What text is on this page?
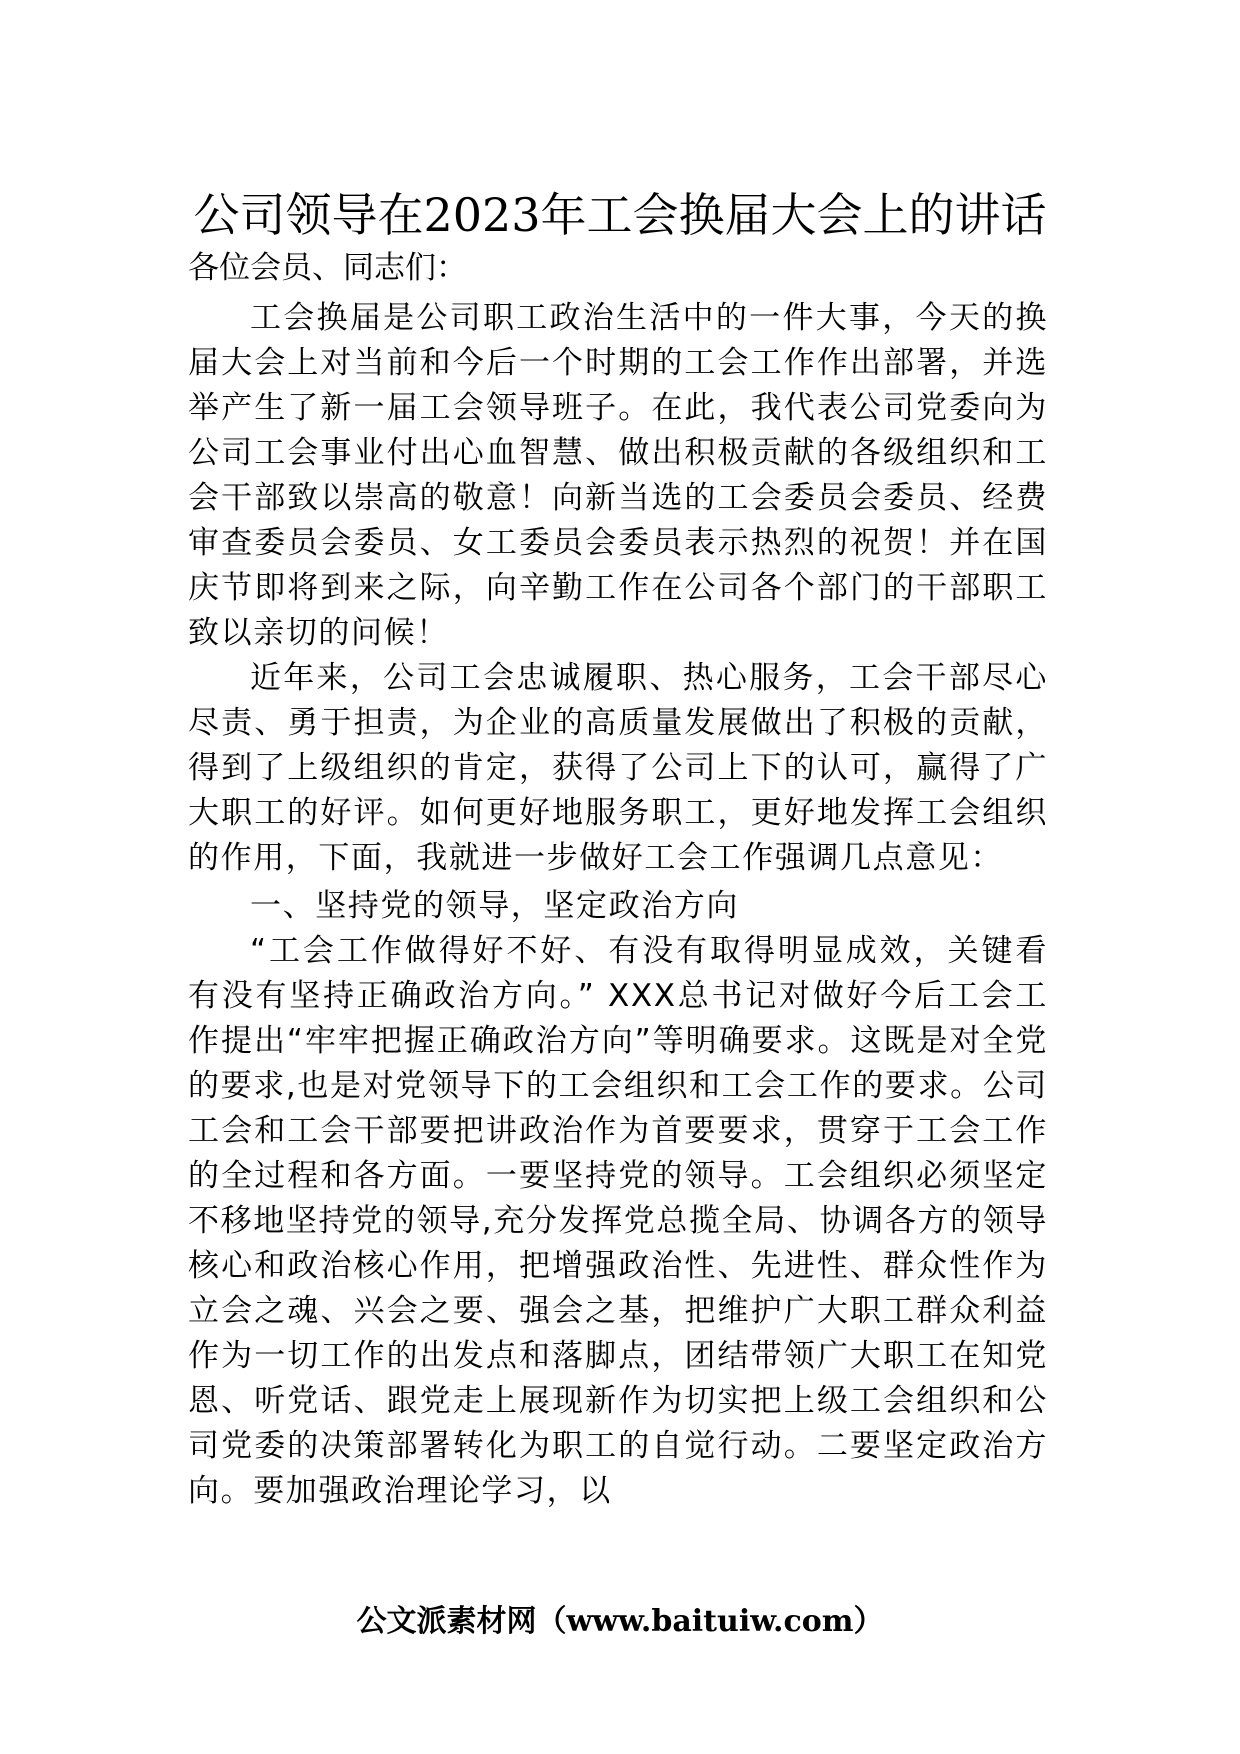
公司领导在2023年工会换届大会上的讲话

各位会员、同志们：

工会换届是公司职工政治生活中的一件大事，今天的换届大会上对当前和今后一个时期的工会工作作出部署，并选举产生了新一届工会领导班子。在此，我代表公司党委向为公司工会事业付出心血智慧、做出积极贡献的各级组织和工会干部致以崇高的敬意！向新当选的工会委员会委员、经费审查委员会委员、女工委员会委员表示热烈的祝贺！并在国庆节即将到来之际，向辛勤工作在公司各个部门的干部职工致以亲切的问候！

近年来，公司工会忠诚履职、热心服务，工会干部尽心尽责、勇于担责，为企业的高质量发展做出了积极的贡献，得到了上级组织的肯定，获得了公司上下的认可，赢得了广大职工的好评。如何更好地服务职工，更好地发挥工会组织的作用，下面，我就进一步做好工会工作强调几点意见：

一、坚持党的领导，坚定政治方向

“工会工作做得好不好、有没有取得明显成效，关键看有没有坚持正确政治方向。” XXX总书记对做好今后工会工作提出“牢牢把握正确政治方向”等明确要求。这既是对全党的要求,也是对党领导下的工会组织和工会工作的要求。公司工会和工会干部要把讲政治作为首要要求，贯穿于工会工作的全过程和各方面。一要坚持党的领导。工会组织必须坚定不移地坚持党的领导,充分发挥党总揽全局、协调各方的领导核心和政治核心作用，把增强政治性、先进性、群众性作为立会之魂、兴会之要、强会之基，把维护广大职工群众利益作为一切工作的出发点和落脚点，团结带领广大职工在知党恩、听党话、跟党走上展现新作为切实把上级工会组织和公司党委的决策部署转化为职工的自觉行动。二要坚定政治方向。要加强政治理论学习，以

公文派素材网（www.baituiw.com）
